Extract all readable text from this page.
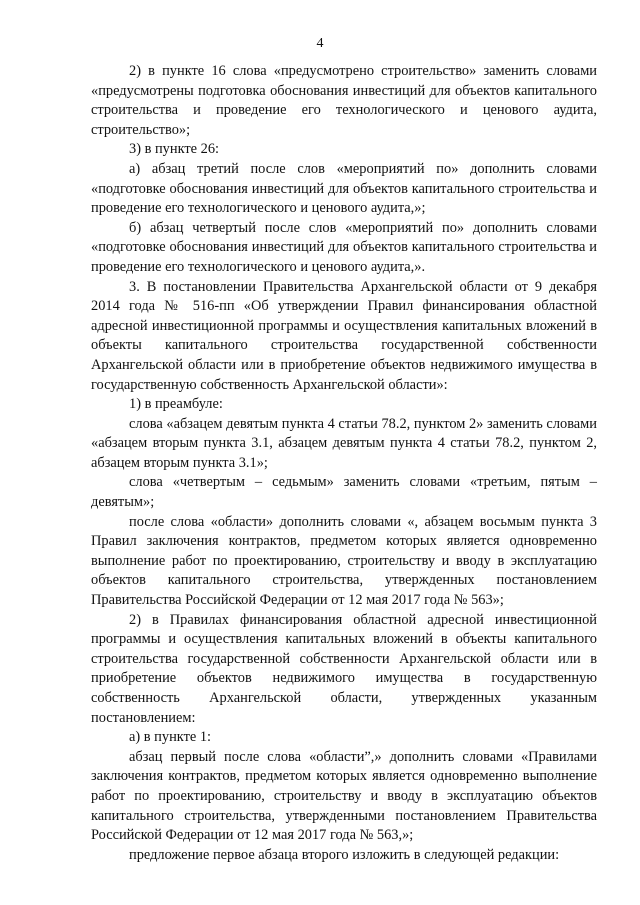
4

2) в пункте 16 слова «предусмотрено строительство» заменить словами «предусмотрены подготовка обоснования инвестиций для объектов капитального строительства и проведение его технологического и ценового аудита, строительство»;

3) в пункте 26:

а) абзац третий после слов «мероприятий по» дополнить словами «подготовке обоснования инвестиций для объектов капитального строительства и проведение его технологического и ценового аудита,»;

б) абзац четвертый после слов «мероприятий по» дополнить словами «подготовке обоснования инвестиций для объектов капитального строительства и проведение его технологического и ценового аудита,».

3. В постановлении Правительства Архангельской области от 9 декабря 2014 года № 516-пп «Об утверждении Правил финансирования областной адресной инвестиционной программы и осуществления капитальных вложений в объекты капитального строительства государственной собственности Архангельской области или в приобретение объектов недвижимого имущества в государственную собственность Архангельской области»:

1) в преамбуле:

слова «абзацем девятым пункта 4 статьи 78.2, пунктом 2» заменить словами «абзацем вторым пункта 3.1, абзацем девятым пункта 4 статьи 78.2, пунктом 2, абзацем вторым пункта 3.1»;

слова «четвертым – седьмым» заменить словами «третьим, пятым – девятым»;

после слова «области» дополнить словами «, абзацем восьмым пункта 3 Правил заключения контрактов, предметом которых является одновременно выполнение работ по проектированию, строительству и вводу в эксплуатацию объектов капитального строительства, утвержденных постановлением Правительства Российской Федерации от 12 мая 2017 года № 563»;

2) в Правилах финансирования областной адресной инвестиционной программы и осуществления капитальных вложений в объекты капитального строительства государственной собственности Архангельской области или в приобретение объектов недвижимого имущества в государственную собственность Архангельской области, утвержденных указанным постановлением:

а) в пункте 1:

абзац первый после слова «области”,» дополнить словами «Правилами заключения контрактов, предметом которых является одновременно выполнение работ по проектированию, строительству и вводу в эксплуатацию объектов капитального строительства, утвержденными постановлением Правительства Российской Федерации от 12 мая 2017 года № 563,»;

предложение первое абзаца второго изложить в следующей редакции:
